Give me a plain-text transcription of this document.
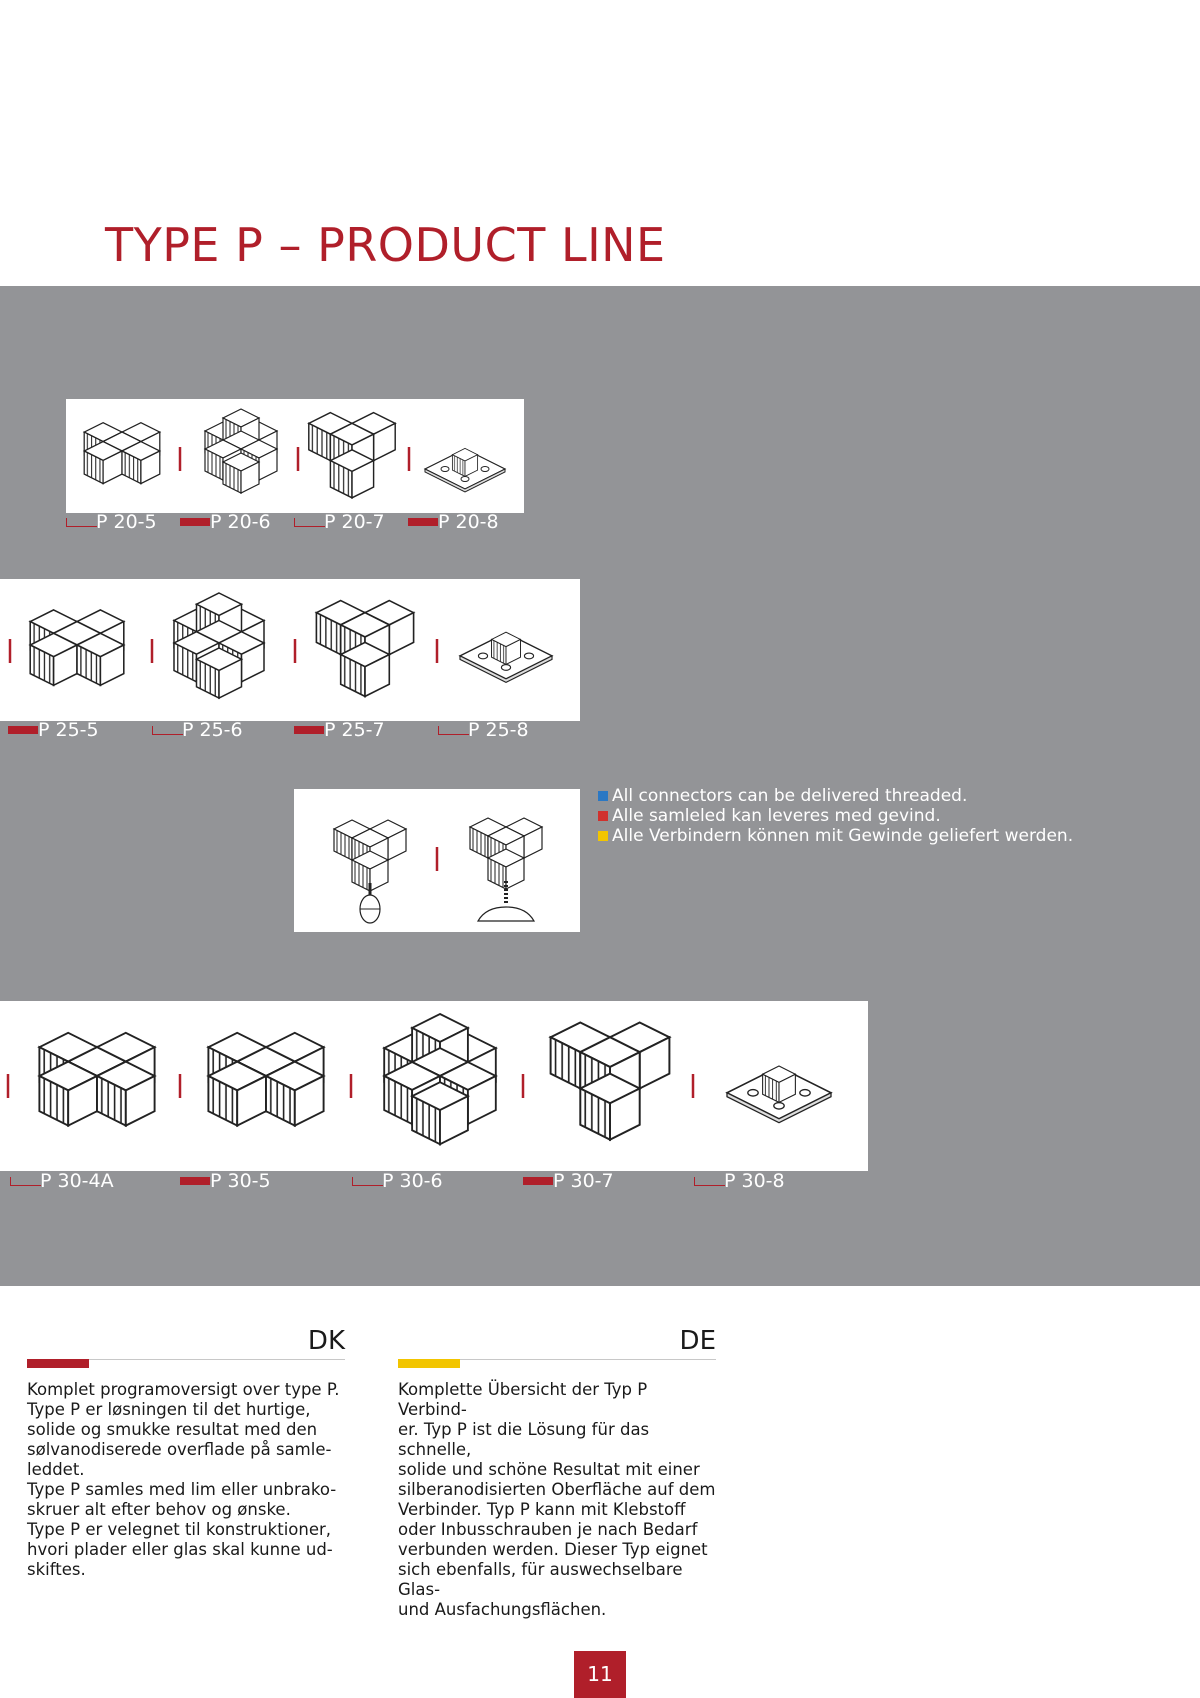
TYPE P – PRODUCT LINE
P 20-5	P 20-6	P 20-7	P 20-8
P 25-5	P 25-6	P 25-7	P 25-8
All connectors can be delivered threaded.
Alle samleled kan leveres med gevind.
Alle Verbindern können mit Gewinde geliefert werden.
P 30-4A	P 30-5	P 30-6	P 30-7	P 30-8
DK
Komplet programoversigt over type P.
Type P er løsningen til det hurtige,
solide og smukke resultat med den
sølvanodiserede overflade på samle-
leddet.
Type P samles med lim eller unbrako-
skruer alt efter behov og ønske.
Type P er velegnet til konstruktioner,
hvori plader eller glas skal kunne ud-
skiftes.
DE
Komplette Übersicht der Typ P Verbind-
er. Typ P ist die Lösung für das schnelle,
solide und schöne Resultat mit einer
silberanodisierten Oberfläche auf dem
Verbinder. Typ P kann mit Klebstoff
oder Inbusschrauben je nach Bedarf
verbunden werden. Dieser Typ eignet
sich ebenfalls, für auswechselbare Glas-
und Ausfachungsflächen.
11
